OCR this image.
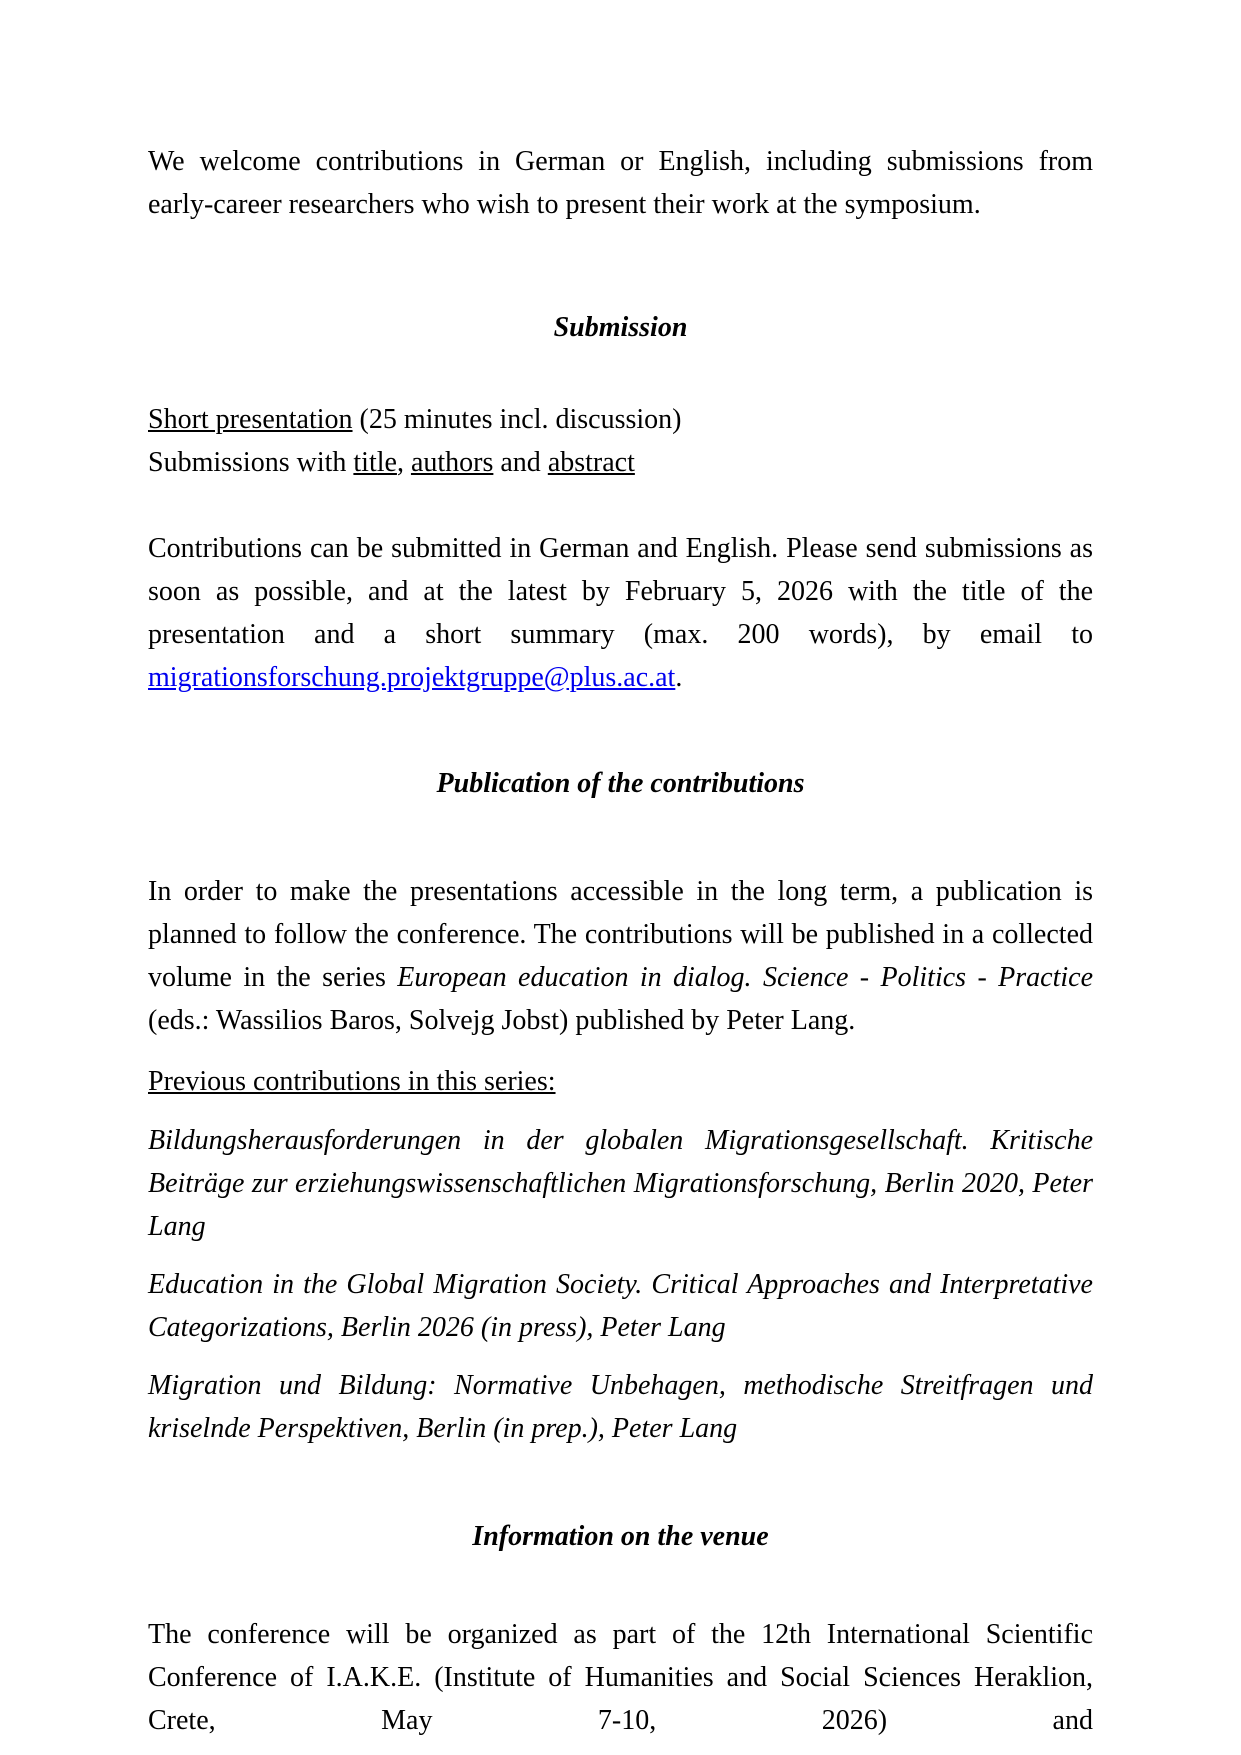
We welcome contributions in German or English, including submissions from early-career researchers who wish to present their work at the symposium.

Submission

Short presentation (25 minutes incl. discussion)

Submissions with title, authors and abstract

Contributions can be submitted in German and English. Please send submissions as soon as possible, and at the latest by February 5, 2026 with the title of the presentation and a short summary (max. 200 words), by email to migrationsforschung.projektgruppe@plus.ac.at.

Publication of the contributions

In order to make the presentations accessible in the long term, a publication is planned to follow the conference. The contributions will be published in a collected volume in the series European education in dialog. Science - Politics - Practice (eds.: Wassilios Baros, Solvejg Jobst) published by Peter Lang.

Previous contributions in this series:

Bildungsherausforderungen in der globalen Migrationsgesellschaft. Kritische Beiträge zur erziehungswissenschaftlichen Migrationsforschung, Berlin 2020, Peter Lang

Education in the Global Migration Society. Critical Approaches and Interpretative Categorizations, Berlin 2026 (in press), Peter Lang

Migration und Bildung: Normative Unbehagen, methodische Streitfragen und kriselnde Perspektiven, Berlin (in prep.), Peter Lang

Information on the venue

The conference will be organized as part of the 12th International Scientific Conference of I.A.K.E. (Institute of Humanities and Social Sciences Heraklion, Crete, May 7-10, 2026) and
